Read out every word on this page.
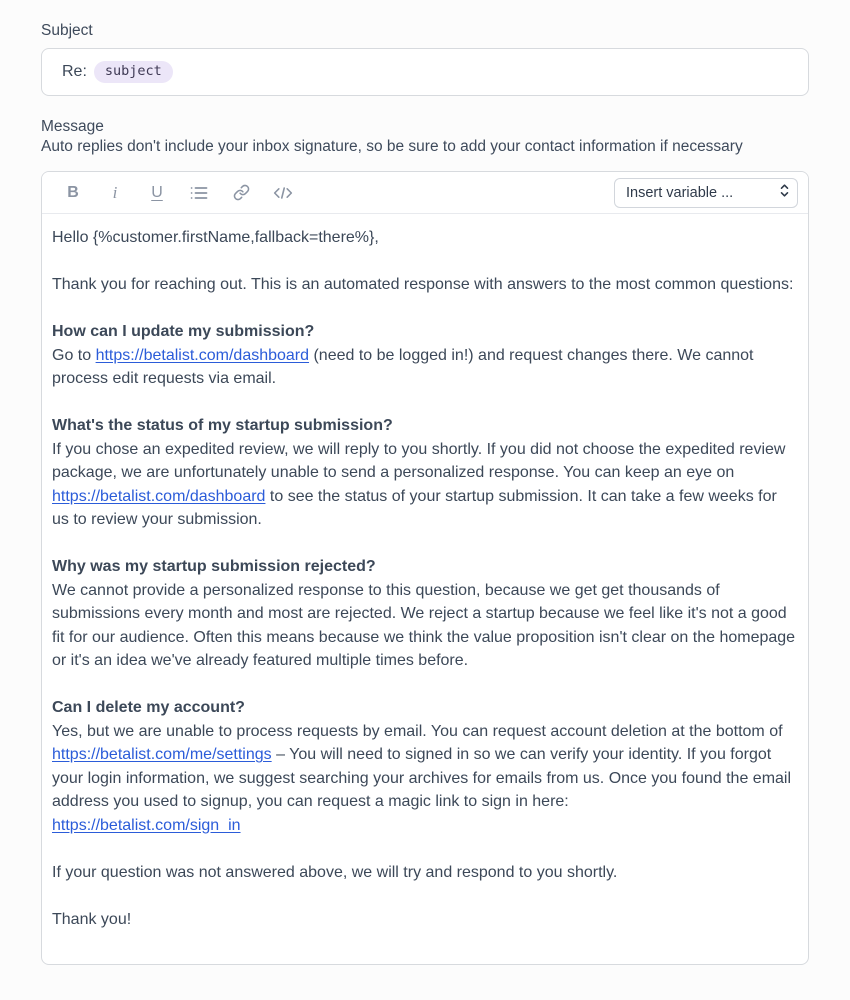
Subject
Re:	subject
Message
Auto replies don't include your inbox signature, so be sure to add your contact information if necessary
B i U
Insert variable ...

Hello {%customer.firstName,fallback=there%},

Thank you for reaching out. This is an automated response with answers to the most common questions:

How can I update my submission?
Go to https://betalist.com/dashboard (need to be logged in!) and request changes there. We cannot process edit requests via email.

What's the status of my startup submission?
If you chose an expedited review, we will reply to you shortly. If you did not choose the expedited review package, we are unfortunately unable to send a personalized response. You can keep an eye on https://betalist.com/dashboard to see the status of your startup submission. It can take a few weeks for us to review your submission.

Why was my startup submission rejected?
We cannot provide a personalized response to this question, because we get get thousands of submissions every month and most are rejected. We reject a startup because we feel like it's not a good fit for our audience. Often this means because we think the value proposition isn't clear on the homepage or it's an idea we've already featured multiple times before.

Can I delete my account?
Yes, but we are unable to process requests by email. You can request account deletion at the bottom of https://betalist.com/me/settings – You will need to signed in so we can verify your identity. If you forgot your login information, we suggest searching your archives for emails from us. Once you found the email address you used to signup, you can request a magic link to sign in here:
https://betalist.com/sign_in

If your question was not answered above, we will try and respond to you shortly.

Thank you!
